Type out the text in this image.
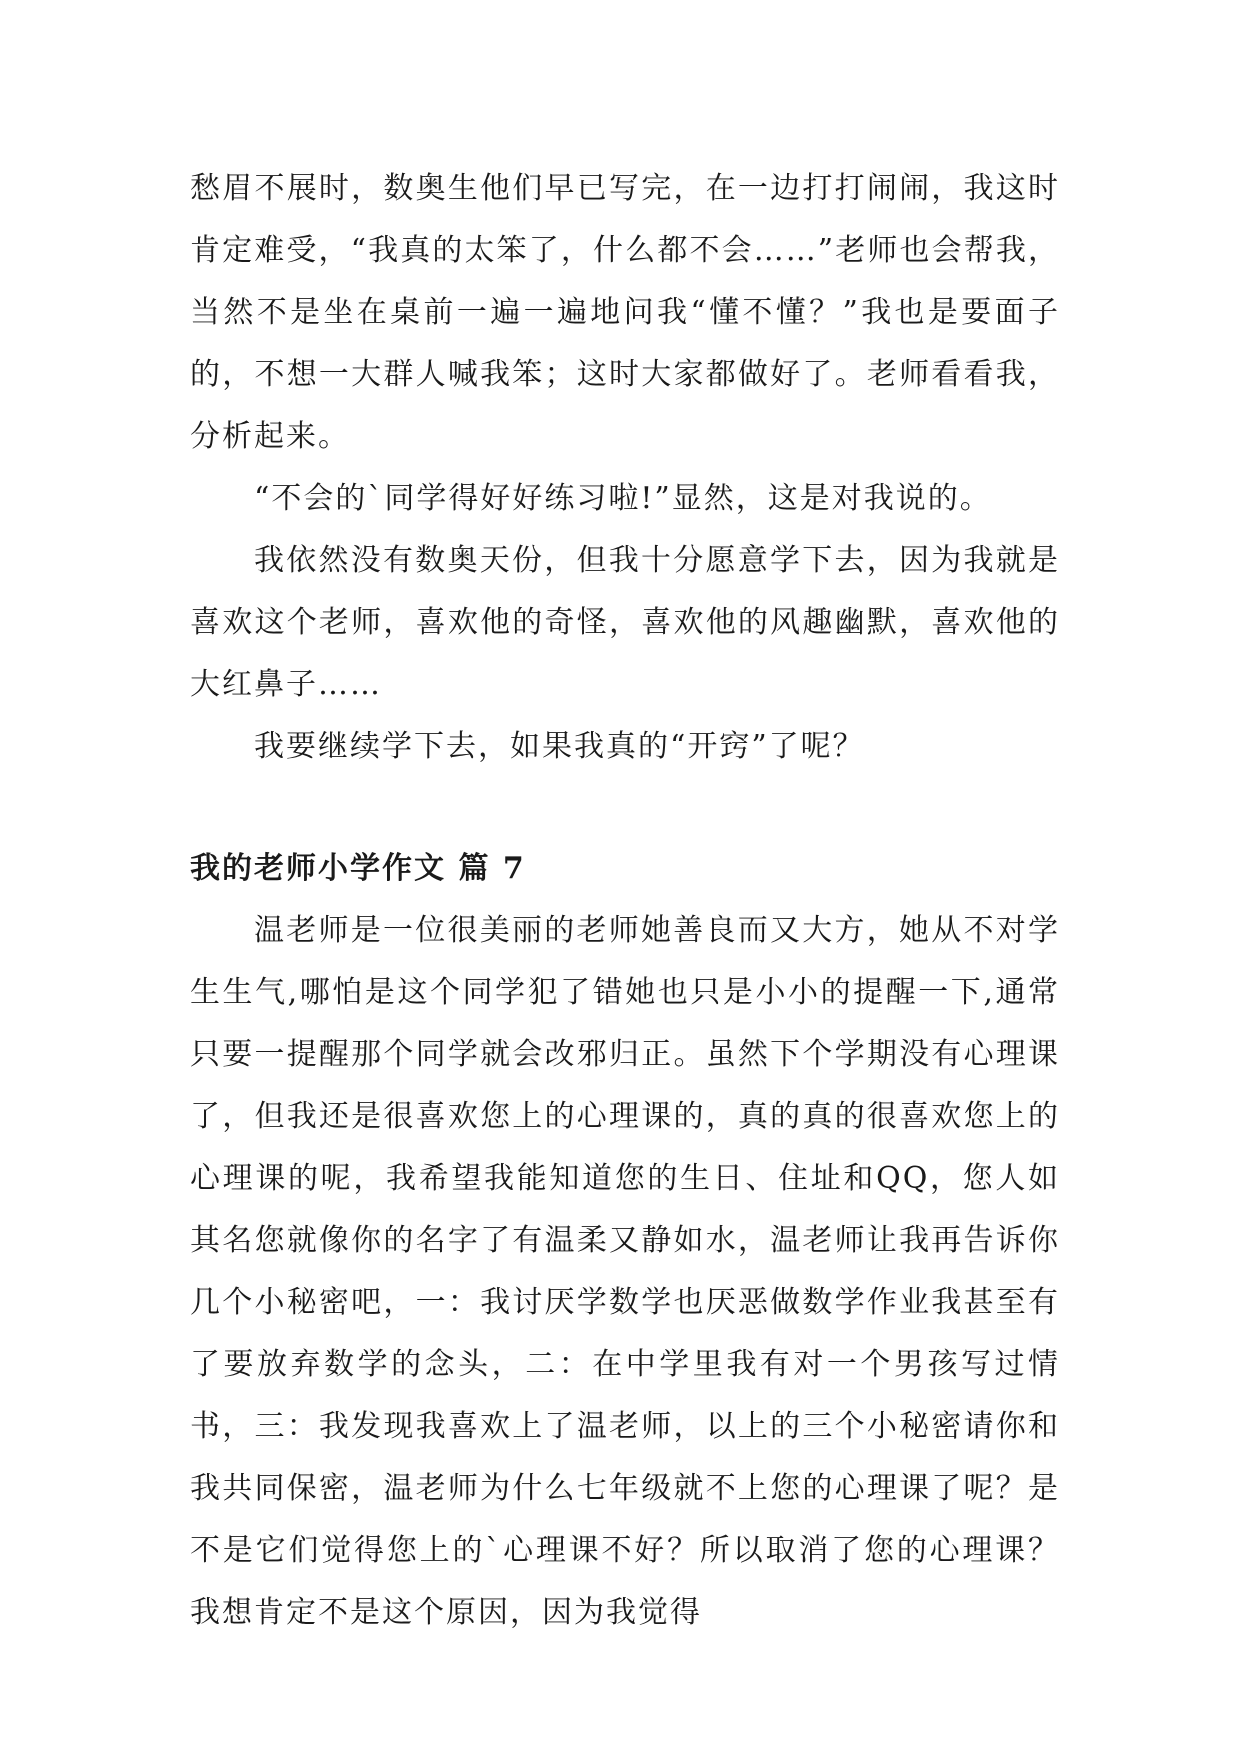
愁眉不展时，数奥生他们早已写完，在一边打打闹闹，我这时肯定难受，“我真的太笨了，什么都不会……”老师也会帮我，当然不是坐在桌前一遍一遍地问我“懂不懂？”我也是要面子的，不想一大群人喊我笨；这时大家都做好了。老师看看我，分析起来。

“不会的`同学得好好练习啦!”显然，这是对我说的。

我依然没有数奥天份，但我十分愿意学下去，因为我就是喜欢这个老师，喜欢他的奇怪，喜欢他的风趣幽默，喜欢他的大红鼻子……

我要继续学下去，如果我真的“开窍”了呢？

我的老师小学作文 篇 7

温老师是一位很美丽的老师她善良而又大方，她从不对学生生气,哪怕是这个同学犯了错她也只是小小的提醒一下,通常只要一提醒那个同学就会改邪归正。虽然下个学期没有心理课了，但我还是很喜欢您上的心理课的，真的真的很喜欢您上的心理课的呢，我希望我能知道您的生日、住址和QQ，您人如其名您就像你的名字了有温柔又静如水，温老师让我再告诉你几个小秘密吧，一：我讨厌学数学也厌恶做数学作业我甚至有了要放弃数学的念头，二：在中学里我有对一个男孩写过情书，三：我发现我喜欢上了温老师，以上的三个小秘密请你和我共同保密，温老师为什么七年级就不上您的心理课了呢？是不是它们觉得您上的`心理课不好？所以取消了您的心理课？我想肯定不是这个原因，因为我觉得
